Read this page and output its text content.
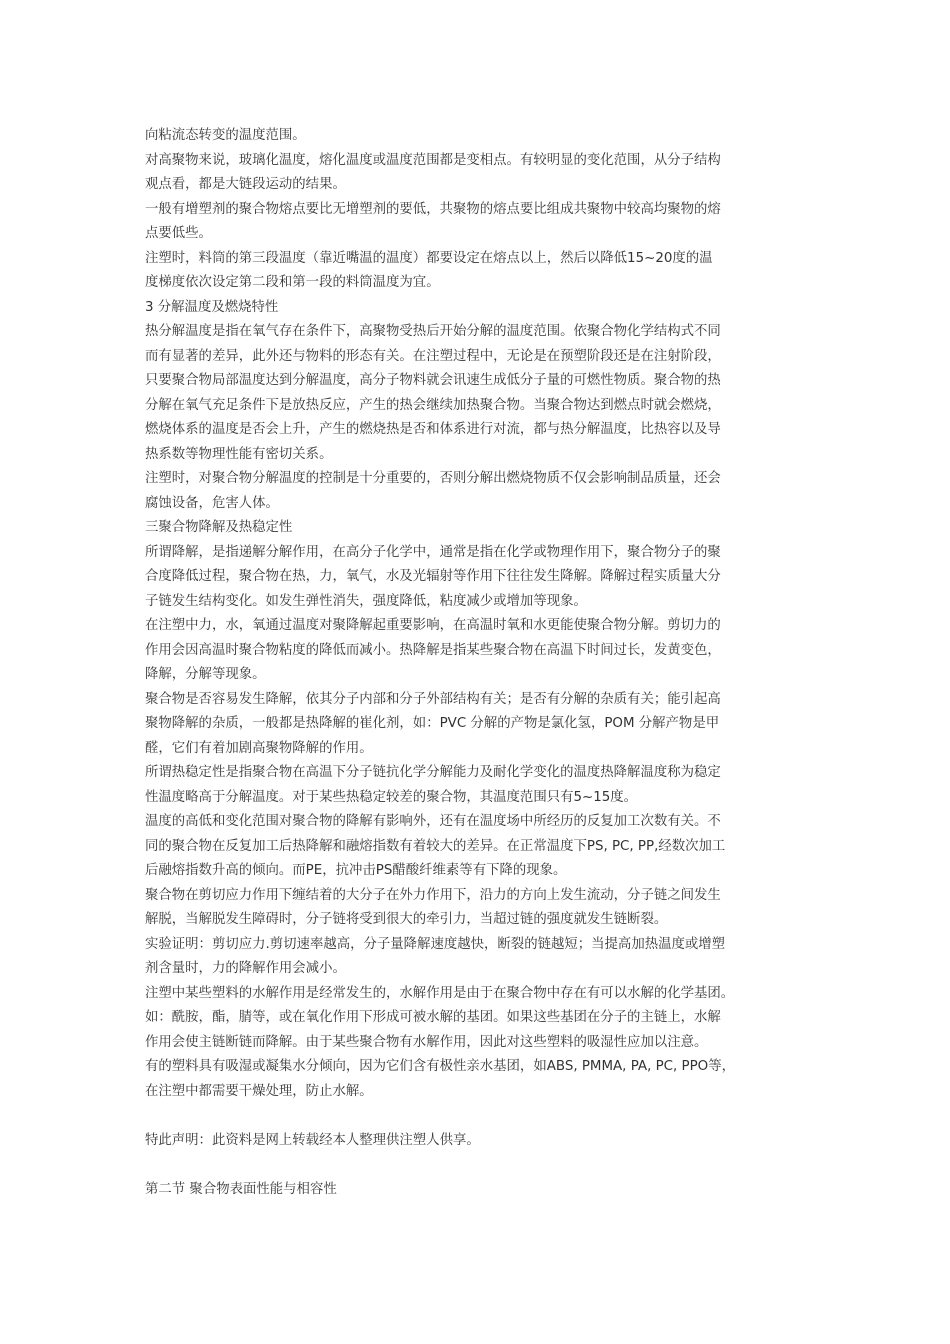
向粘流态转变的温度范围。

对高聚物来说，玻璃化温度，熔化温度或温度范围都是变相点。有较明显的变化范围，从分子结构

观点看，都是大链段运动的结果。

一般有增塑剂的聚合物熔点要比无增塑剂的要低，共聚物的熔点要比组成共聚物中较高均聚物的熔

点要低些。

注塑时，料筒的第三段温度（靠近嘴温的温度）都要设定在熔点以上，然后以降低15~20度的温

度梯度依次设定第二段和第一段的料筒温度为宜。

3 分解温度及燃烧特性

热分解温度是指在氧气存在条件下，高聚物受热后开始分解的温度范围。依聚合物化学结构式不同

而有显著的差异，此外还与物料的形态有关。在注塑过程中，无论是在预塑阶段还是在注射阶段，

只要聚合物局部温度达到分解温度，高分子物料就会讯速生成低分子量的可燃性物质。聚合物的热

分解在氧气充足条件下是放热反应，产生的热会继续加热聚合物。当聚合物达到燃点时就会燃烧，

燃烧体系的温度是否会上升，产生的燃烧热是否和体系进行对流，都与热分解温度，比热容以及导

热系数等物理性能有密切关系。

注塑时，对聚合物分解温度的控制是十分重要的，否则分解出燃烧物质不仅会影响制品质量，还会

腐蚀设备，危害人体。

三聚合物降解及热稳定性

所谓降解，是指递解分解作用，在高分子化学中，通常是指在化学或物理作用下，聚合物分子的聚

合度降低过程，聚合物在热，力，氧气，水及光辐射等作用下往往发生降解。降解过程实质量大分

子链发生结构变化。如发生弹性消失，强度降低，粘度减少或增加等现象。

在注塑中力，水，氧通过温度对聚降解起重要影响，在高温时氧和水更能使聚合物分解。剪切力的

作用会因高温时聚合物粘度的降低而减小。热降解是指某些聚合物在高温下时间过长，发黄变色，

降解，分解等现象。

聚合物是否容易发生降解，依其分子内部和分子外部结构有关；是否有分解的杂质有关；能引起高

聚物降解的杂质，一般都是热降解的崔化剂，如：PVC 分解的产物是氯化氢，POM 分解产物是甲

醛，它们有着加剧高聚物降解的作用。

所谓热稳定性是指聚合物在高温下分子链抗化学分解能力及耐化学变化的温度热降解温度称为稳定

性温度略高于分解温度。对于某些热稳定较差的聚合物，其温度范围只有5~15度。

温度的高低和变化范围对聚合物的降解有影响外，还有在温度场中所经历的反复加工次数有关。不

同的聚合物在反复加工后热降解和融熔指数有着较大的差异。在正常温度下PS, PC, PP,经数次加工

后融熔指数升高的倾向。而PE，抗冲击PS醋酸纤维素等有下降的现象。

聚合物在剪切应力作用下缠结着的大分子在外力作用下，沿力的方向上发生流动，分子链之间发生

解脱，当解脱发生障碍时，分子链将受到很大的牵引力，当超过链的强度就发生链断裂。

实验证明：剪切应力.剪切速率越高，分子量降解速度越快，断裂的链越短；当提高加热温度或增塑

剂含量时，力的降解作用会减小。

注塑中某些塑料的水解作用是经常发生的，水解作用是由于在聚合物中存在有可以水解的化学基团。

如：酰胺，酯，腈等，或在氧化作用下形成可被水解的基团。如果这些基团在分子的主链上，水解

作用会使主链断链而降解。由于某些聚合物有水解作用，因此对这些塑料的吸湿性应加以注意。

有的塑料具有吸湿或凝集水分倾向，因为它们含有极性亲水基团，如ABS, PMMA, PA, PC, PPO等，

在注塑中都需要干燥处理，防止水解。

特此声明：此资料是网上转载经本人整理供注塑人供享。

第二节 聚合物表面性能与相容性
